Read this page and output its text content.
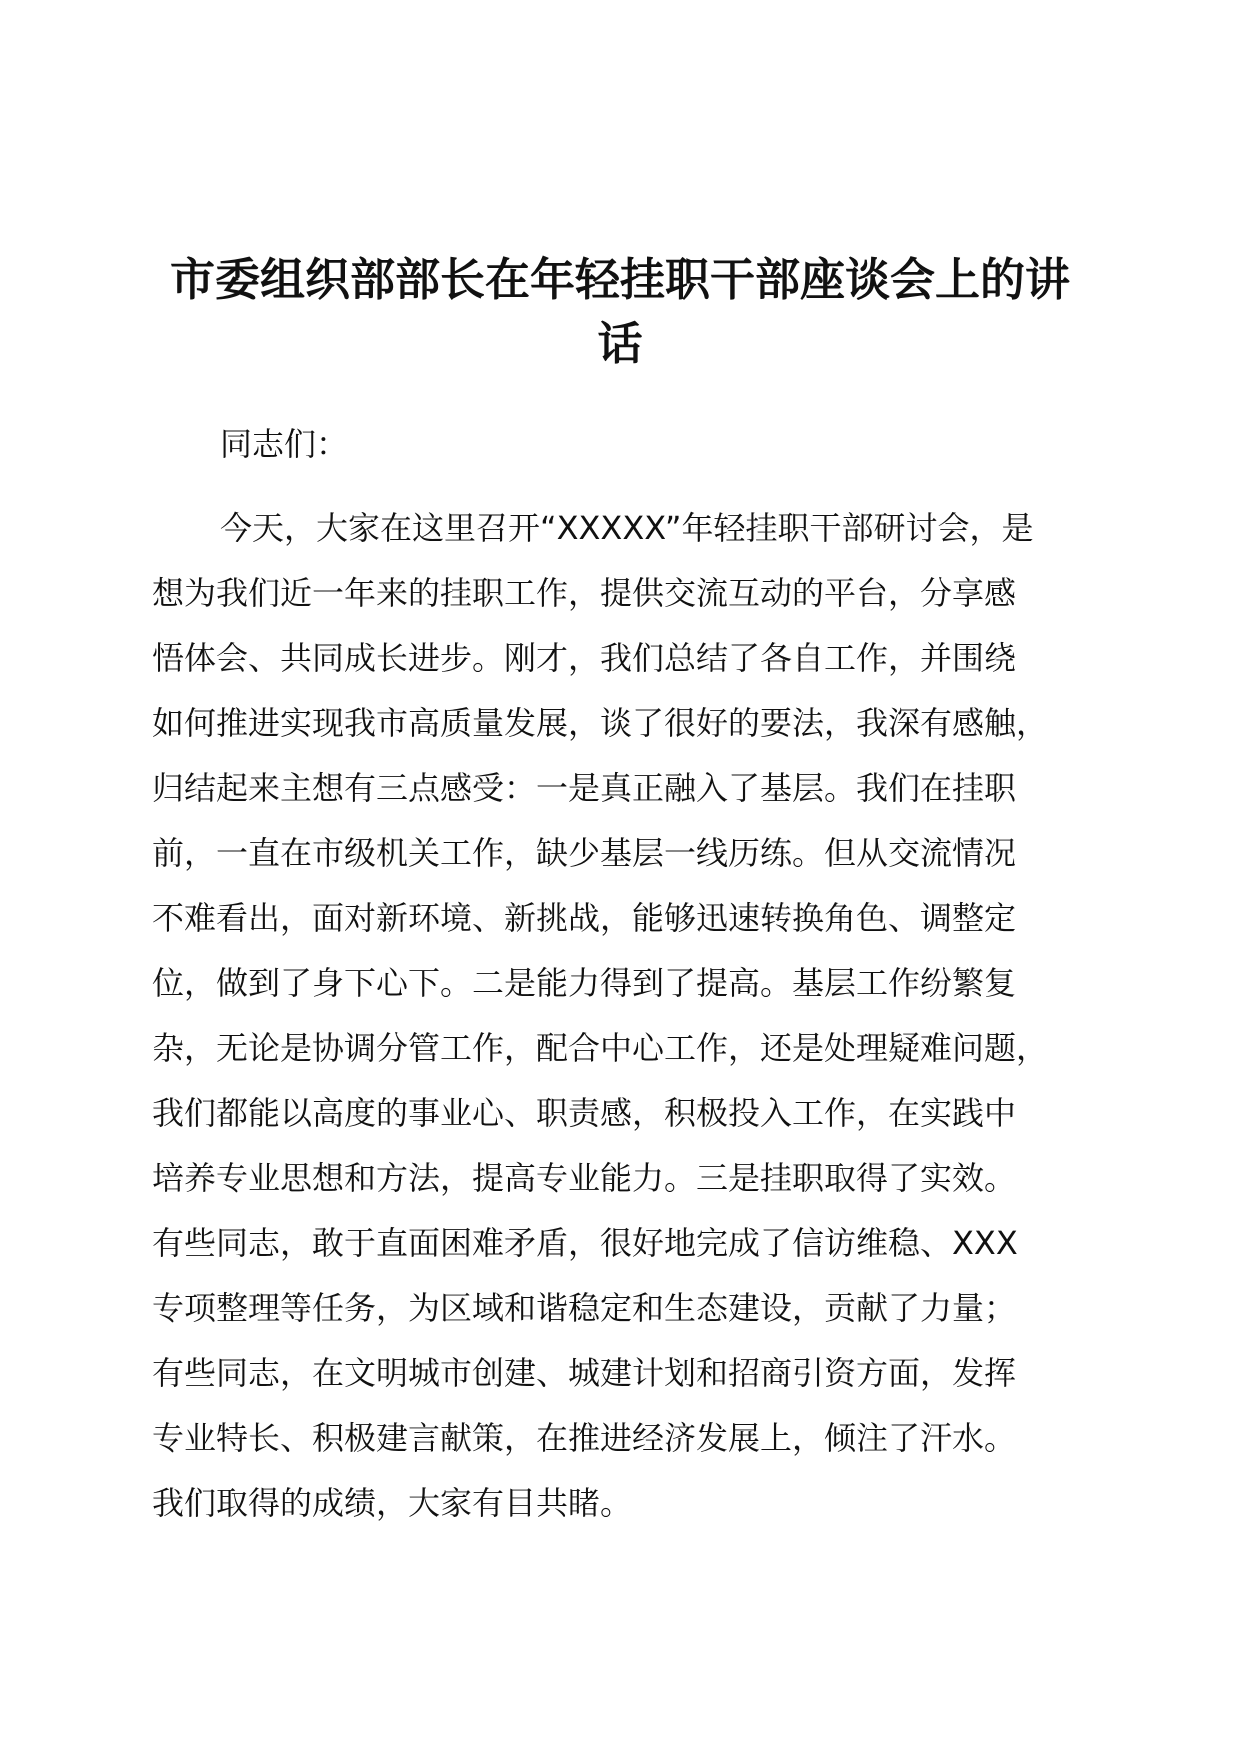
市委组织部部长在年轻挂职干部座谈会上的讲
话
同志们：
今天，大家在这里召开“XXXXX”年轻挂职干部研讨会，是
想为我们近一年来的挂职工作，提供交流互动的平台，分享感
悟体会、共同成长进步。刚才，我们总结了各自工作，并围绕
如何推进实现我市高质量发展，谈了很好的要法，我深有感触，
归结起来主想有三点感受：一是真正融入了基层。我们在挂职
前，一直在市级机关工作，缺少基层一线历练。但从交流情况
不难看出，面对新环境、新挑战，能够迅速转换角色、调整定
位，做到了身下心下。二是能力得到了提高。基层工作纷繁复
杂，无论是协调分管工作，配合中心工作，还是处理疑难问题，
我们都能以高度的事业心、职责感，积极投入工作，在实践中
培养专业思想和方法，提高专业能力。三是挂职取得了实效。
有些同志，敢于直面困难矛盾，很好地完成了信访维稳、XXX
专项整理等任务，为区域和谐稳定和生态建设，贡献了力量；
有些同志，在文明城市创建、城建计划和招商引资方面，发挥
专业特长、积极建言献策，在推进经济发展上，倾注了汗水。
我们取得的成绩，大家有目共睹。
